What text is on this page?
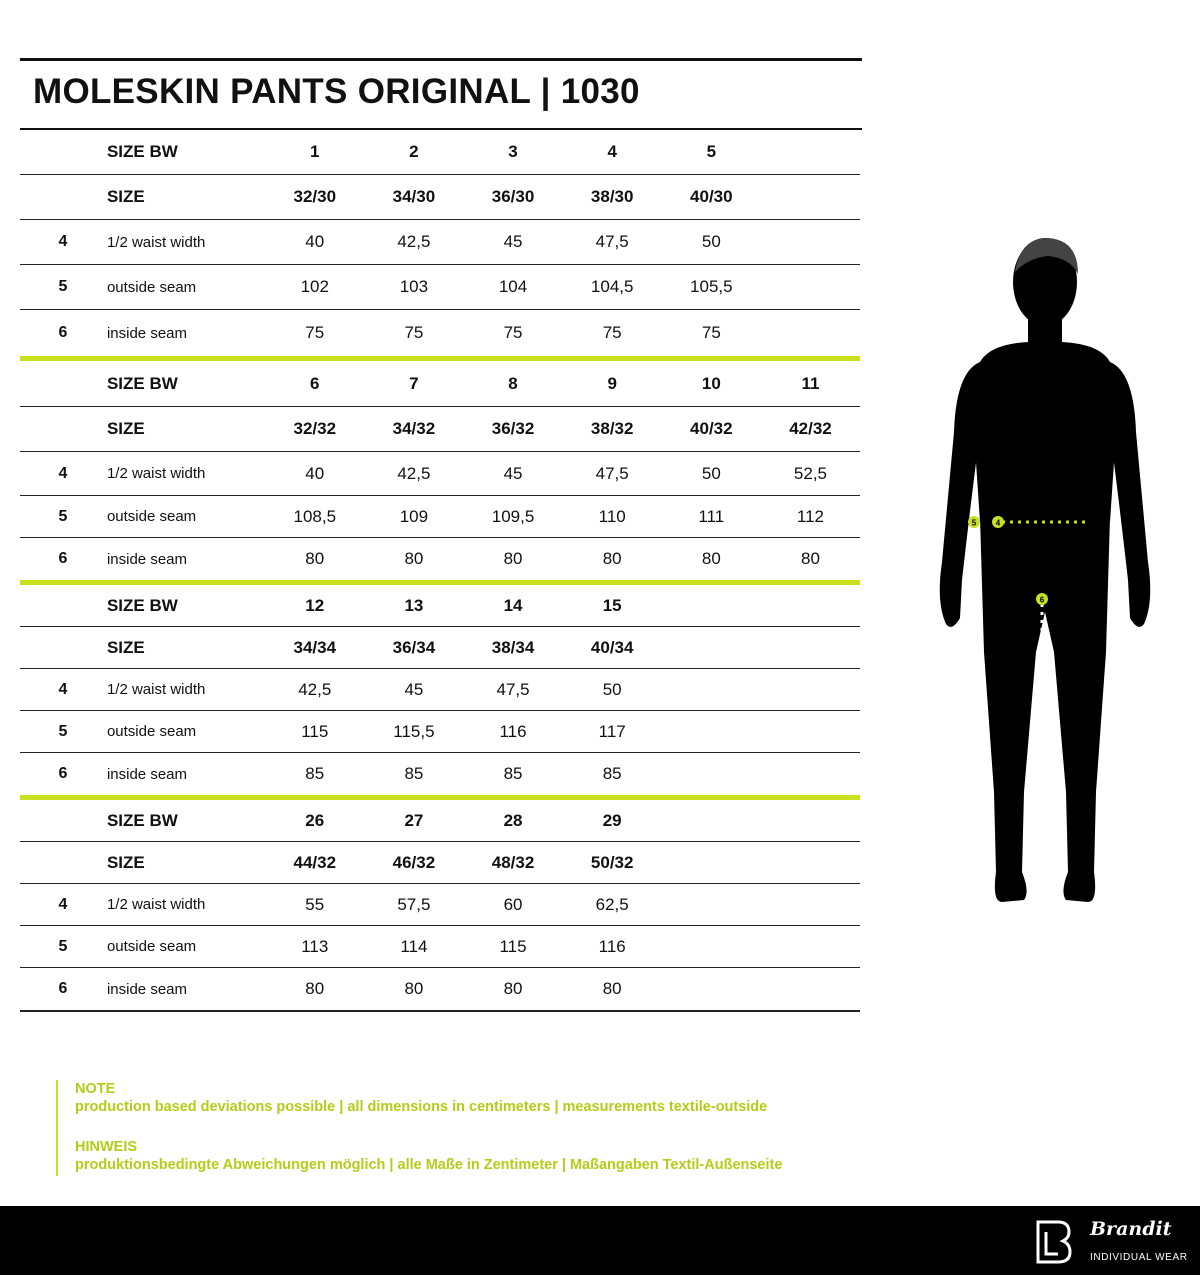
MOLESKIN PANTS ORIGINAL | 1030
SIZE BW	1	2	3	4	5
SIZE	32/30	34/30	36/30	38/30	40/30
4	1/2 waist width	40	42,5	45	47,5	50
5	outside seam	102	103	104	104,5	105,5
6	inside seam	75	75	75	75	75
SIZE BW	6	7	8	9	10	11
SIZE	32/32	34/32	36/32	38/32	40/32	42/32
4	1/2 waist width	40	42,5	45	47,5	50	52,5
5	outside seam	108,5	109	109,5	110	111	112
6	inside seam	80	80	80	80	80	80
SIZE BW	12	13	14	15
SIZE	34/34	36/34	38/34	40/34
4	1/2 waist width	42,5	45	47,5	50
5	outside seam	115	115,5	116	117
6	inside seam	85	85	85	85
SIZE BW	26	27	28	29
SIZE	44/32	46/32	48/32	50/32
4	1/2 waist width	55	57,5	60	62,5
5	outside seam	113	114	115	116
6	inside seam	80	80	80	80
NOTE
production based deviations possible | all dimensions in centimeters | measurements textile-outside
HINWEIS
produktionsbedingte Abweichungen möglich | alle Maße in Zentimeter | Maßangaben Textil-Außenseite
5 4
6
Brandit
INDIVIDUAL WEAR
